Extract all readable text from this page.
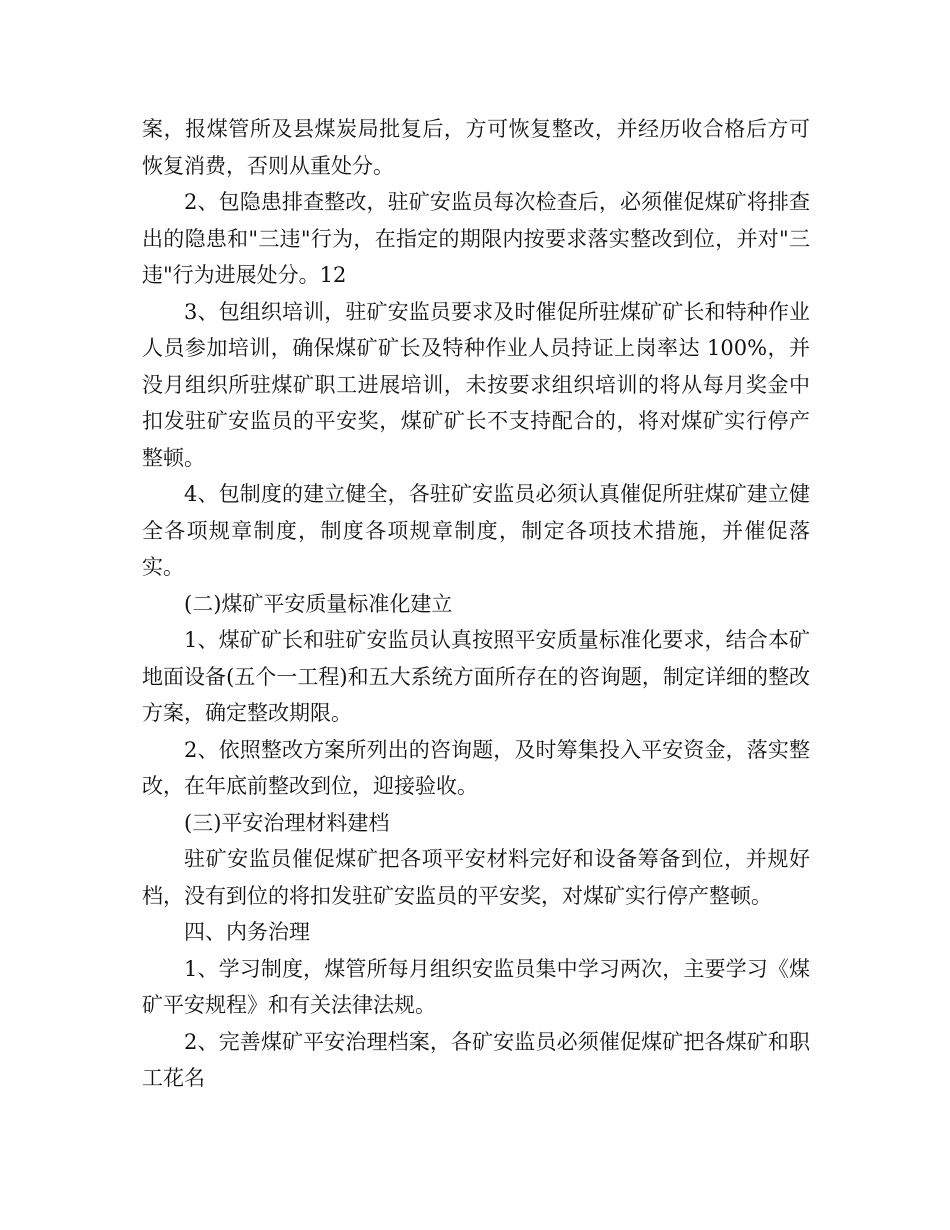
案，报煤管所及县煤炭局批复后，方可恢复整改，并经历收合格后方可恢复消费，否则从重处分。

2、包隐患排查整改，驻矿安监员每次检查后，必须催促煤矿将排查出的隐患和"三违"行为，在指定的期限内按要求落实整改到位，并对"三违"行为进展处分。12

3、包组织培训，驻矿安监员要求及时催促所驻煤矿矿长和特种作业人员参加培训，确保煤矿矿长及特种作业人员持证上岗率达 100%，并没月组织所驻煤矿职工进展培训，未按要求组织培训的将从每月奖金中扣发驻矿安监员的平安奖，煤矿矿长不支持配合的，将对煤矿实行停产整顿。

4、包制度的建立健全，各驻矿安监员必须认真催促所驻煤矿建立健全各项规章制度，制度各项规章制度，制定各项技术措施，并催促落实。

(二)煤矿平安质量标准化建立

1、煤矿矿长和驻矿安监员认真按照平安质量标准化要求，结合本矿地面设备(五个一工程)和五大系统方面所存在的咨询题，制定详细的整改方案，确定整改期限。

2、依照整改方案所列出的咨询题，及时筹集投入平安资金，落实整改，在年底前整改到位，迎接验收。

(三)平安治理材料建档

驻矿安监员催促煤矿把各项平安材料完好和设备筹备到位，并规好档，没有到位的将扣发驻矿安监员的平安奖，对煤矿实行停产整顿。

四、内务治理

1、学习制度，煤管所每月组织安监员集中学习两次，主要学习《煤矿平安规程》和有关法律法规。

2、完善煤矿平安治理档案，各矿安监员必须催促煤矿把各煤矿和职工花名
